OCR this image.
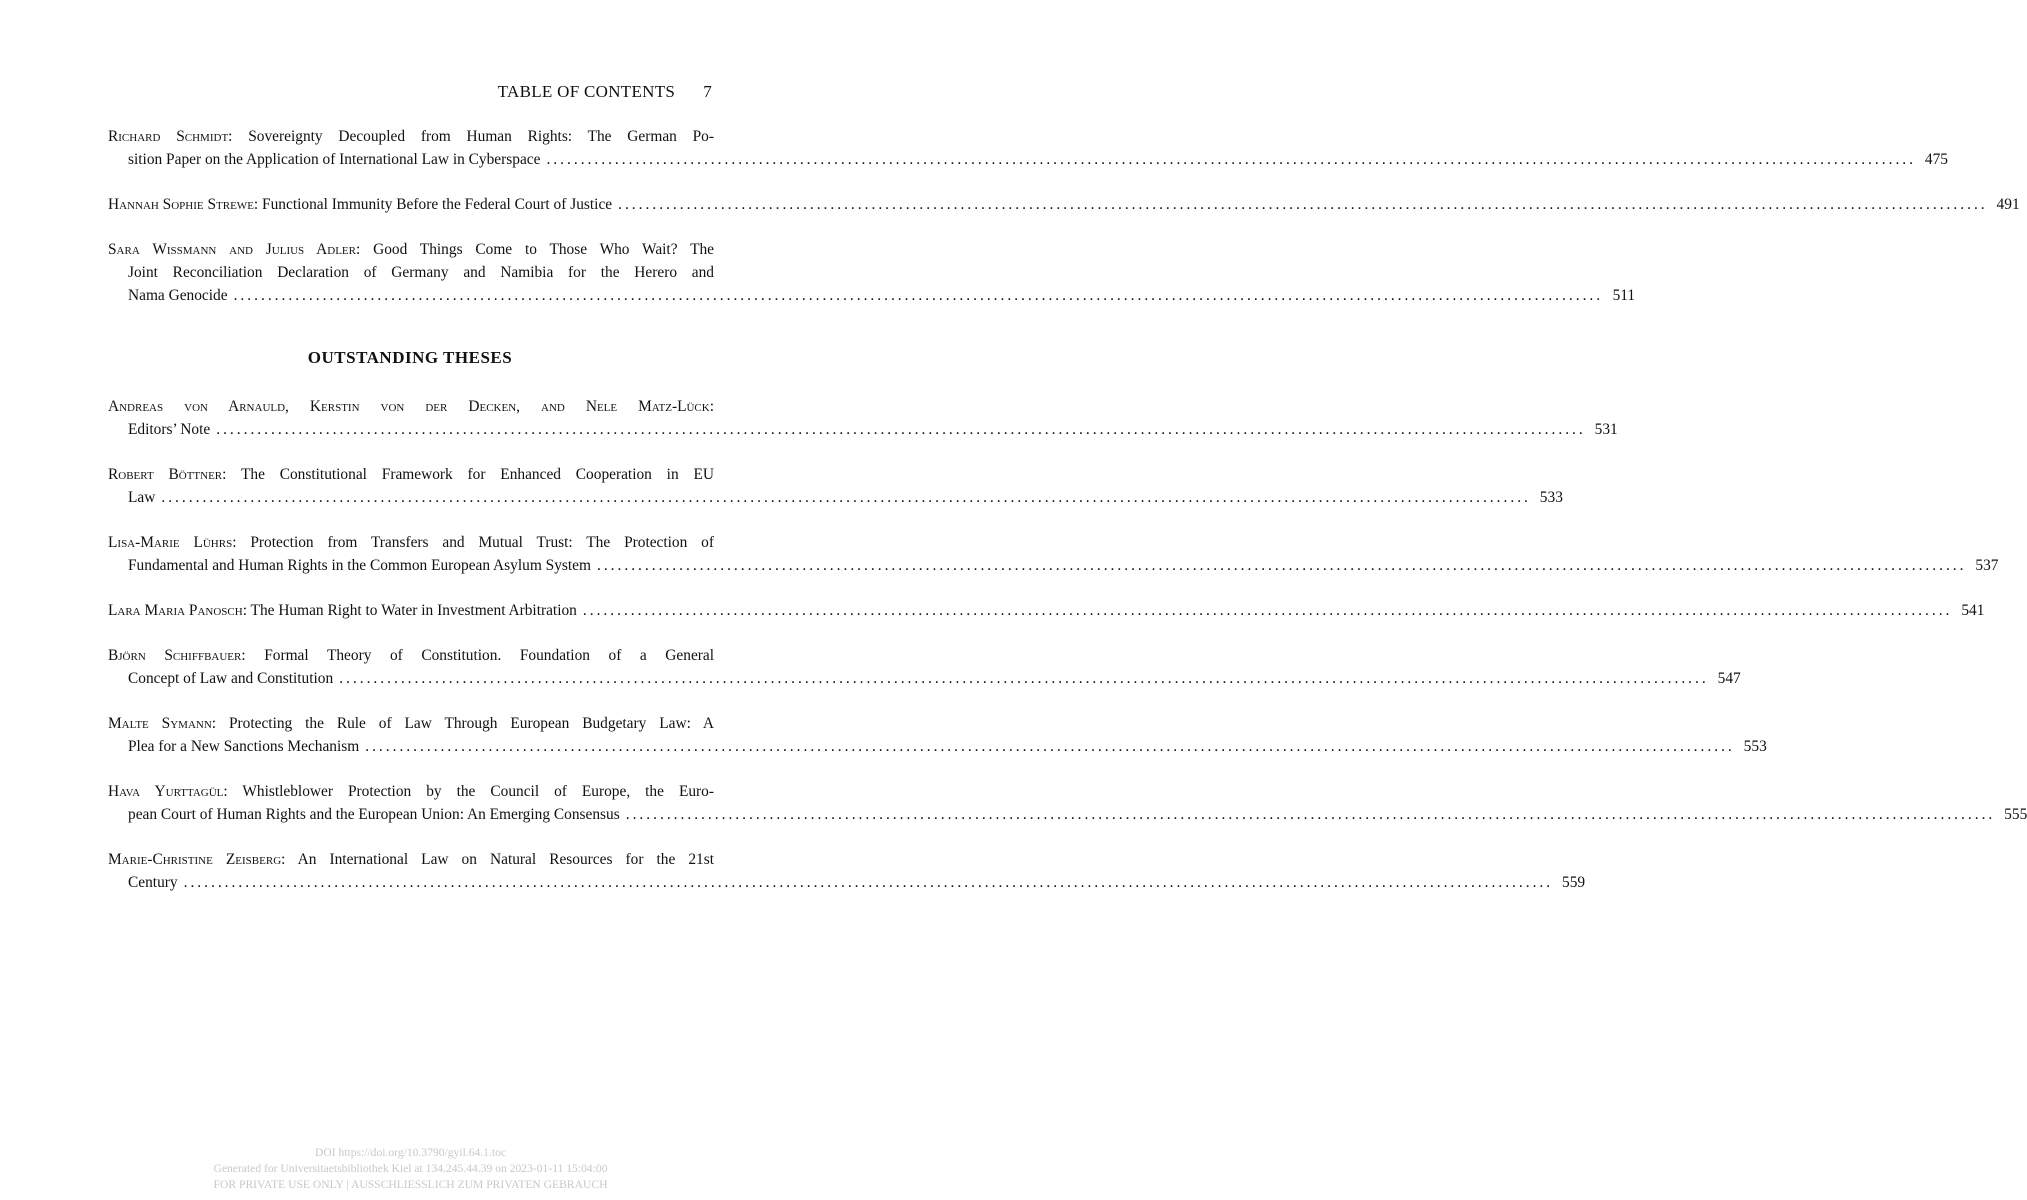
TABLE OF CONTENTS 7
Richard Schmidt: Sovereignty Decoupled from Human Rights: The German Po-
sition Paper on the Application of International Law in Cyberspace ........................................................................................................................................................................................................ 475
Hannah Sophie Strewe: Functional Immunity Before the Federal Court of Justice ........................................................................................................................................................................................................ 491
Sara Wissmann and Julius Adler: Good Things Come to Those Who Wait? The
Joint Reconciliation Declaration of Germany and Namibia for the Herero and
Nama Genocide ........................................................................................................................................................................................................ 511
OUTSTANDING THESES
Andreas von Arnauld, Kerstin von der Decken, and Nele Matz-Lück:
Editors’ Note ........................................................................................................................................................................................................ 531
Robert Böttner: The Constitutional Framework for Enhanced Cooperation in EU
Law ........................................................................................................................................................................................................ 533
Lisa-Marie Lührs: Protection from Transfers and Mutual Trust: The Protection of
Fundamental and Human Rights in the Common European Asylum System ........................................................................................................................................................................................................ 537
Lara Maria Panosch: The Human Right to Water in Investment Arbitration ........................................................................................................................................................................................................ 541
Björn Schiffbauer: Formal Theory of Constitution. Foundation of a General
Concept of Law and Constitution ........................................................................................................................................................................................................ 547
Malte Symann: Protecting the Rule of Law Through European Budgetary Law: A
Plea for a New Sanctions Mechanism ........................................................................................................................................................................................................ 553
Hava Yurttagül: Whistleblower Protection by the Council of Europe, the Euro-
pean Court of Human Rights and the European Union: An Emerging Consensus ........................................................................................................................................................................................................ 555
Marie-Christine Zeisberg: An International Law on Natural Resources for the 21st
Century ........................................................................................................................................................................................................ 559
DOI https://doi.org/10.3790/gyil.64.1.toc
Generated for Universitaetsbibliothek Kiel at 134.245.44.39 on 2023-01-11 15:04:00
FOR PRIVATE USE ONLY | AUSSCHLIESSLICH ZUM PRIVATEN GEBRAUCH
